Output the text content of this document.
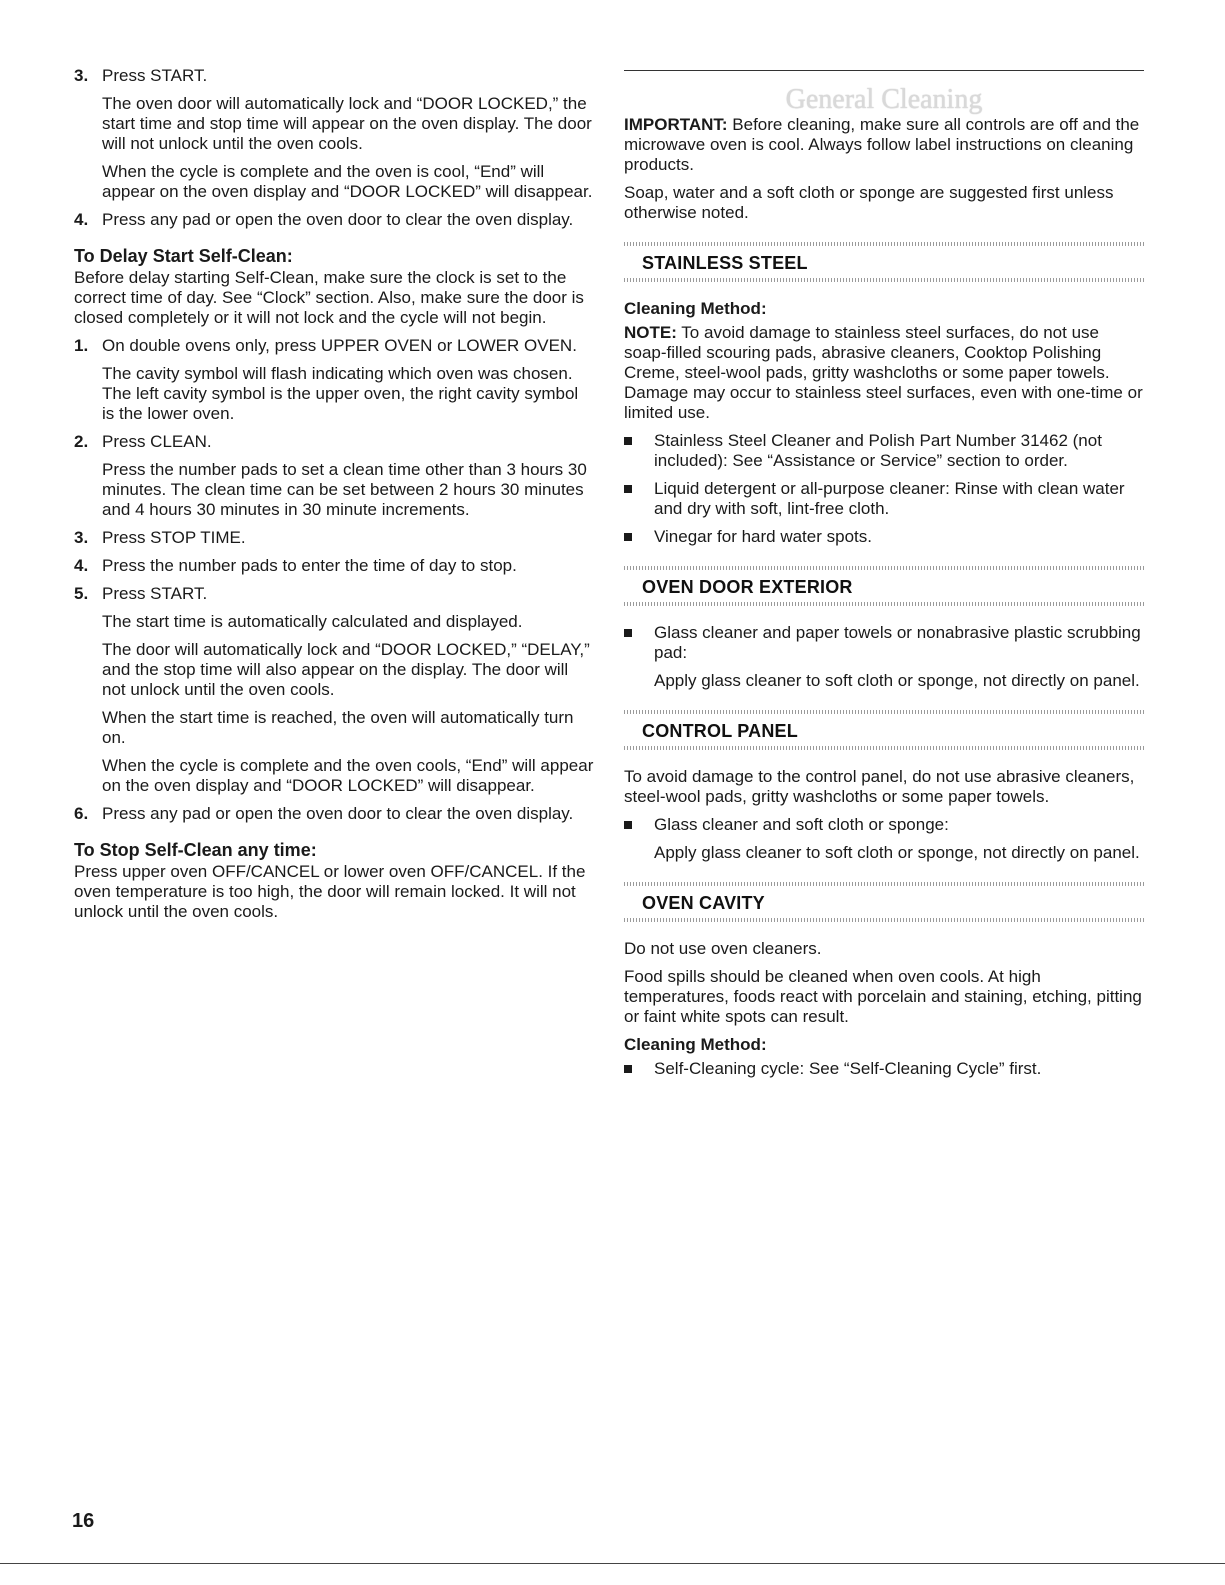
3. Press START.

The oven door will automatically lock and “DOOR LOCKED,” the start time and stop time will appear on the oven display. The door will not unlock until the oven cools.

When the cycle is complete and the oven is cool, “End” will appear on the oven display and “DOOR LOCKED” will disappear.

4. Press any pad or open the oven door to clear the oven display.

To Delay Start Self-Clean:

Before delay starting Self-Clean, make sure the clock is set to the correct time of day. See “Clock” section. Also, make sure the door is closed completely or it will not lock and the cycle will not begin.

1. On double ovens only, press UPPER OVEN or LOWER OVEN.

The cavity symbol will flash indicating which oven was chosen. The left cavity symbol is the upper oven, the right cavity symbol is the lower oven.

2. Press CLEAN.

Press the number pads to set a clean time other than 3 hours 30 minutes. The clean time can be set between 2 hours 30 minutes and 4 hours 30 minutes in 30 minute increments.

3. Press STOP TIME.
4. Press the number pads to enter the time of day to stop.
5. Press START.

The start time is automatically calculated and displayed.

The door will automatically lock and “DOOR LOCKED,” “DELAY,” and the stop time will also appear on the display. The door will not unlock until the oven cools.

When the start time is reached, the oven will automatically turn on.

When the cycle is complete and the oven cools, “End” will appear on the oven display and “DOOR LOCKED” will disappear.

6. Press any pad or open the oven door to clear the oven display.

To Stop Self-Clean any time:

Press upper oven OFF/CANCEL or lower oven OFF/CANCEL. If the oven temperature is too high, the door will remain locked. It will not unlock until the oven cools.

General Cleaning

IMPORTANT: Before cleaning, make sure all controls are off and the microwave oven is cool. Always follow label instructions on cleaning products.

Soap, water and a soft cloth or sponge are suggested first unless otherwise noted.

STAINLESS STEEL

Cleaning Method:

NOTE: To avoid damage to stainless steel surfaces, do not use soap-filled scouring pads, abrasive cleaners, Cooktop Polishing Creme, steel-wool pads, gritty washcloths or some paper towels. Damage may occur to stainless steel surfaces, even with one-time or limited use.

Stainless Steel Cleaner and Polish Part Number 31462 (not included): See “Assistance or Service” section to order.
Liquid detergent or all-purpose cleaner: Rinse with clean water and dry with soft, lint-free cloth.
Vinegar for hard water spots.
OVEN DOOR EXTERIOR
Glass cleaner and paper towels or nonabrasive plastic scrubbing pad:

Apply glass cleaner to soft cloth or sponge, not directly on panel.

CONTROL PANEL

To avoid damage to the control panel, do not use abrasive cleaners, steel-wool pads, gritty washcloths or some paper towels.

Glass cleaner and soft cloth or sponge:

Apply glass cleaner to soft cloth or sponge, not directly on panel.

OVEN CAVITY

Do not use oven cleaners.

Food spills should be cleaned when oven cools. At high temperatures, foods react with porcelain and staining, etching, pitting or faint white spots can result.

Cleaning Method:

Self-Cleaning cycle: See “Self-Cleaning Cycle” first.
16
